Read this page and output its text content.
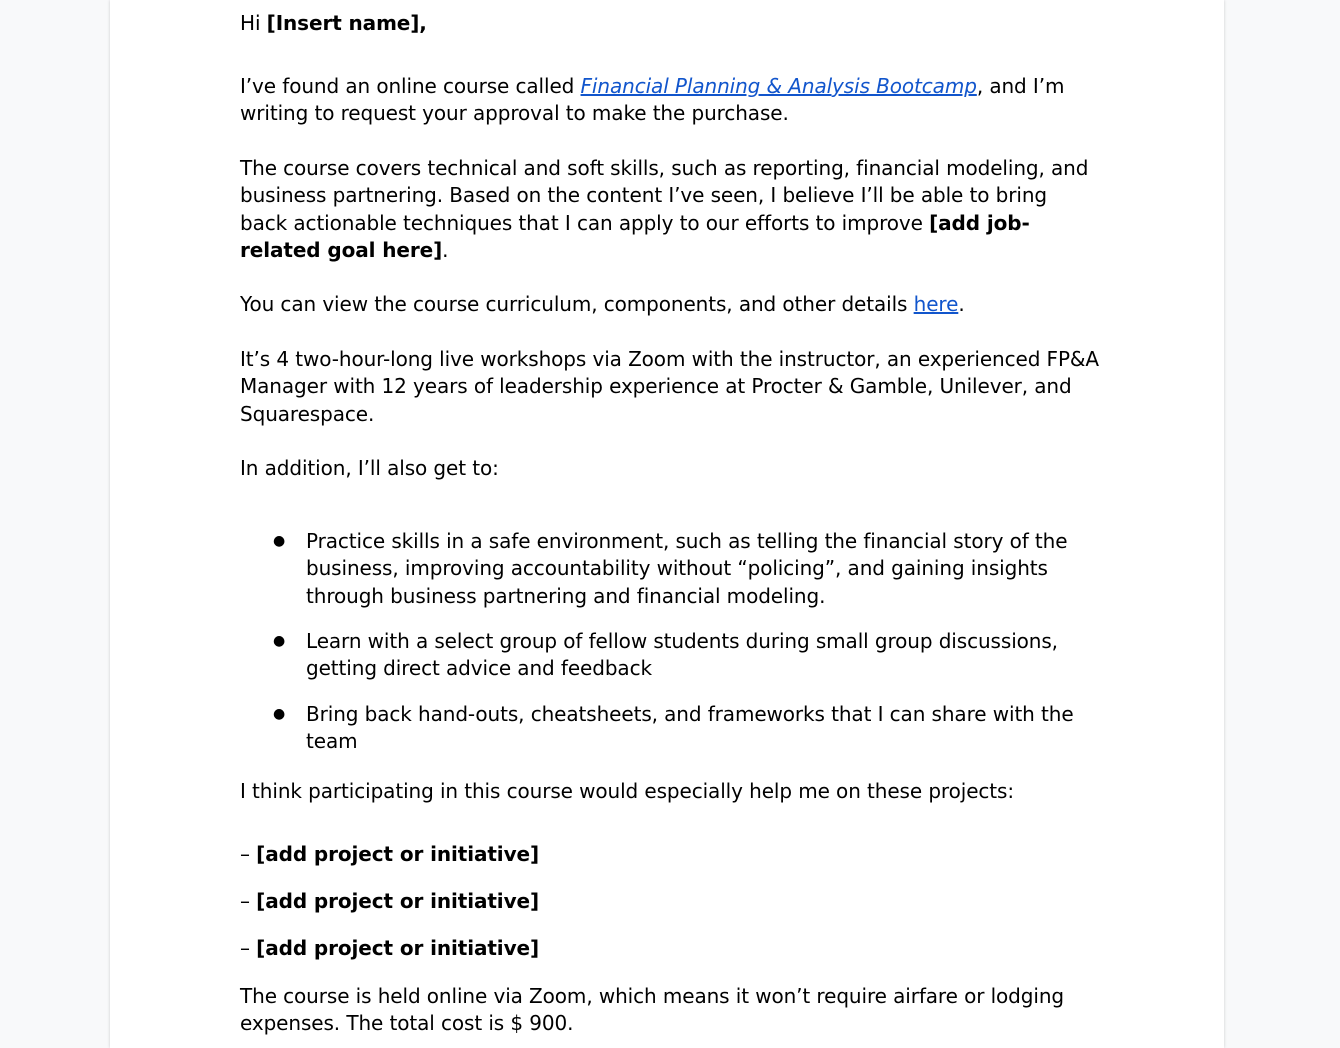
Hi [Insert name],

I’ve found an online course called Financial Planning & Analysis Bootcamp, and I’m writing to request your approval to make the purchase.

The course covers technical and soft skills, such as reporting, financial modeling, and business partnering. Based on the content I’ve seen, I believe I’ll be able to bring back actionable techniques that I can apply to our efforts to improve [add job-related goal here].

You can view the course curriculum, components, and other details here.

It’s 4 two-hour-long live workshops via Zoom with the instructor, an experienced FP&A Manager with 12 years of leadership experience at Procter & Gamble, Unilever, and Squarespace.

In addition, I’ll also get to:

● Practice skills in a safe environment, such as telling the financial story of the business, improving accountability without “policing”, and gaining insights through business partnering and financial modeling.

● Learn with a select group of fellow students during small group discussions, getting direct advice and feedback

● Bring back hand-outs, cheatsheets, and frameworks that I can share with the team

I think participating in this course would especially help me on these projects:

– [add project or initiative]

– [add project or initiative]

– [add project or initiative]

The course is held online via Zoom, which means it won’t require airfare or lodging expenses. The total cost is $ 900.
